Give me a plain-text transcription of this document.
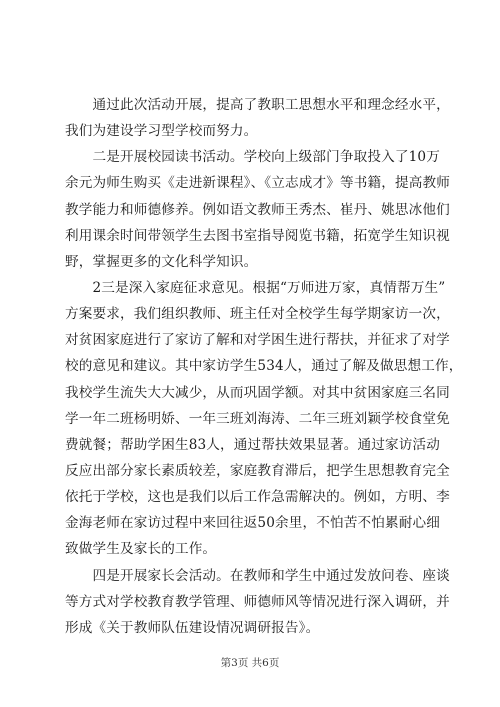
　　通过此次活动开展，提高了教职工思想水平和理念经水平，
我们为建设学习型学校而努力。
　　二是开展校园读书活动。学校向上级部门争取投入了10万
余元为师生购买《走进新课程》、《立志成才》等书籍，提高教师
教学能力和师德修养。例如语文教师王秀杰、崔丹、姚思冰他们
利用课余时间带领学生去图书室指导阅览书籍，拓宽学生知识视
野，掌握更多的文化科学知识。
　　2三是深入家庭征求意见。根据“万师进万家，真情帮万生”
方案要求，我们组织教师、班主任对全校学生每学期家访一次，
对贫困家庭进行了家访了解和对学困生进行帮扶，并征求了对学
校的意见和建议。其中家访学生534人，通过了解及做思想工作，
我校学生流失大大减少，从而巩固学额。对其中贫困家庭三名同
学一年二班杨明娇、一年三班刘海涛、二年三班刘颖学校食堂免
费就餐；帮助学困生83人，通过帮扶效果显著。通过家访活动
反应出部分家长素质较差，家庭教育滞后，把学生思想教育完全
依托于学校，这也是我们以后工作急需解决的。例如，方明、李
金海老师在家访过程中来回往返50余里，不怕苦不怕累耐心细
致做学生及家长的工作。
　　四是开展家长会活动。在教师和学生中通过发放问卷、座谈
等方式对学校教育教学管理、师德师风等情况进行深入调研，并
形成《关于教师队伍建设情况调研报告》。
第3页 共6页
